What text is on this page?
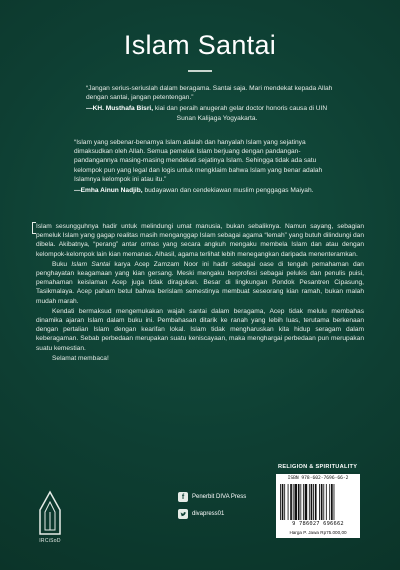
Islam Santai
“Jangan serius-seriuslah dalam beragama. Santai saja. Mari mendekat kepada Allah dengan santai, jangan petentengan.”
—KH. Musthafa Bisri, kiai dan peraih anugerah gelar doctor honoris causa di UIN
Sunan Kalijaga Yogyakarta.
“Islam yang sebenar-benarnya Islam adalah dan hanyalah Islam yang sejatinya dimaksudkan oleh Allah. Semua pemeluk Islam berjuang dengan pandangan-pandangannya masing-masing mendekati sejatinya Islam. Sehingga tidak ada satu kelompok pun yang legal dan logis untuk mengklaim bahwa Islam yang benar adalah Islamnya kelompok ini atau itu.”
—Emha Ainun Nadjib, budayawan dan cendekiawan muslim penggagas Maiyah.

Islam sesungguhnya hadir untuk melindungi umat manusia, bukan sebaliknya. Namun sayang, sebagian pemeluk Islam yang gagap realitas masih menganggap Islam sebagai agama “lemah” yang butuh dilindungi dan dibela. Akibatnya, “perang” antar ormas yang secara angkuh mengaku membela Islam dan atau dengan kelompok-kelompok lain kian memanas. Alhasil, agama terlihat lebih menegangkan daripada menenteramkan.

Buku Islam Santai karya Acep Zamzam Noor ini hadir sebagai oase di tengah pemahaman dan penghayatan keagamaan yang kian gersang. Meski mengaku berprofesi sebagai pelukis dan penulis puisi, pemahaman keislaman Acep juga tidak diragukan. Besar di lingkungan Pondok Pesantren Cipasung, Tasikmalaya. Acep paham betul bahwa berislam semestinya membuat seseorang kian ramah, bukan malah mudah marah.

Kendati bermaksud mengemukakan wajah santai dalam beragama, Acep tidak melulu membahas dinamika ajaran Islam dalam buku ini. Pembahasan ditarik ke ranah yang lebih luas, terutama berkenaan dengan pertalian Islam dengan kearifan lokal. Islam tidak mengharuskan kita hidup seragam dalam keberagaman. Sebab perbedaan merupakan suatu keniscayaan, maka menghargai perbedaan pun merupakan suatu kemestian.

Selamat membaca!

IRCiSoD
f	Penerbit DIVA Press
divapress01
RELIGION & SPIRITUALITY
ISBN 978-602-7696-66-2
9 786027 696662
Harga P. Jawa Rp75.000,00
